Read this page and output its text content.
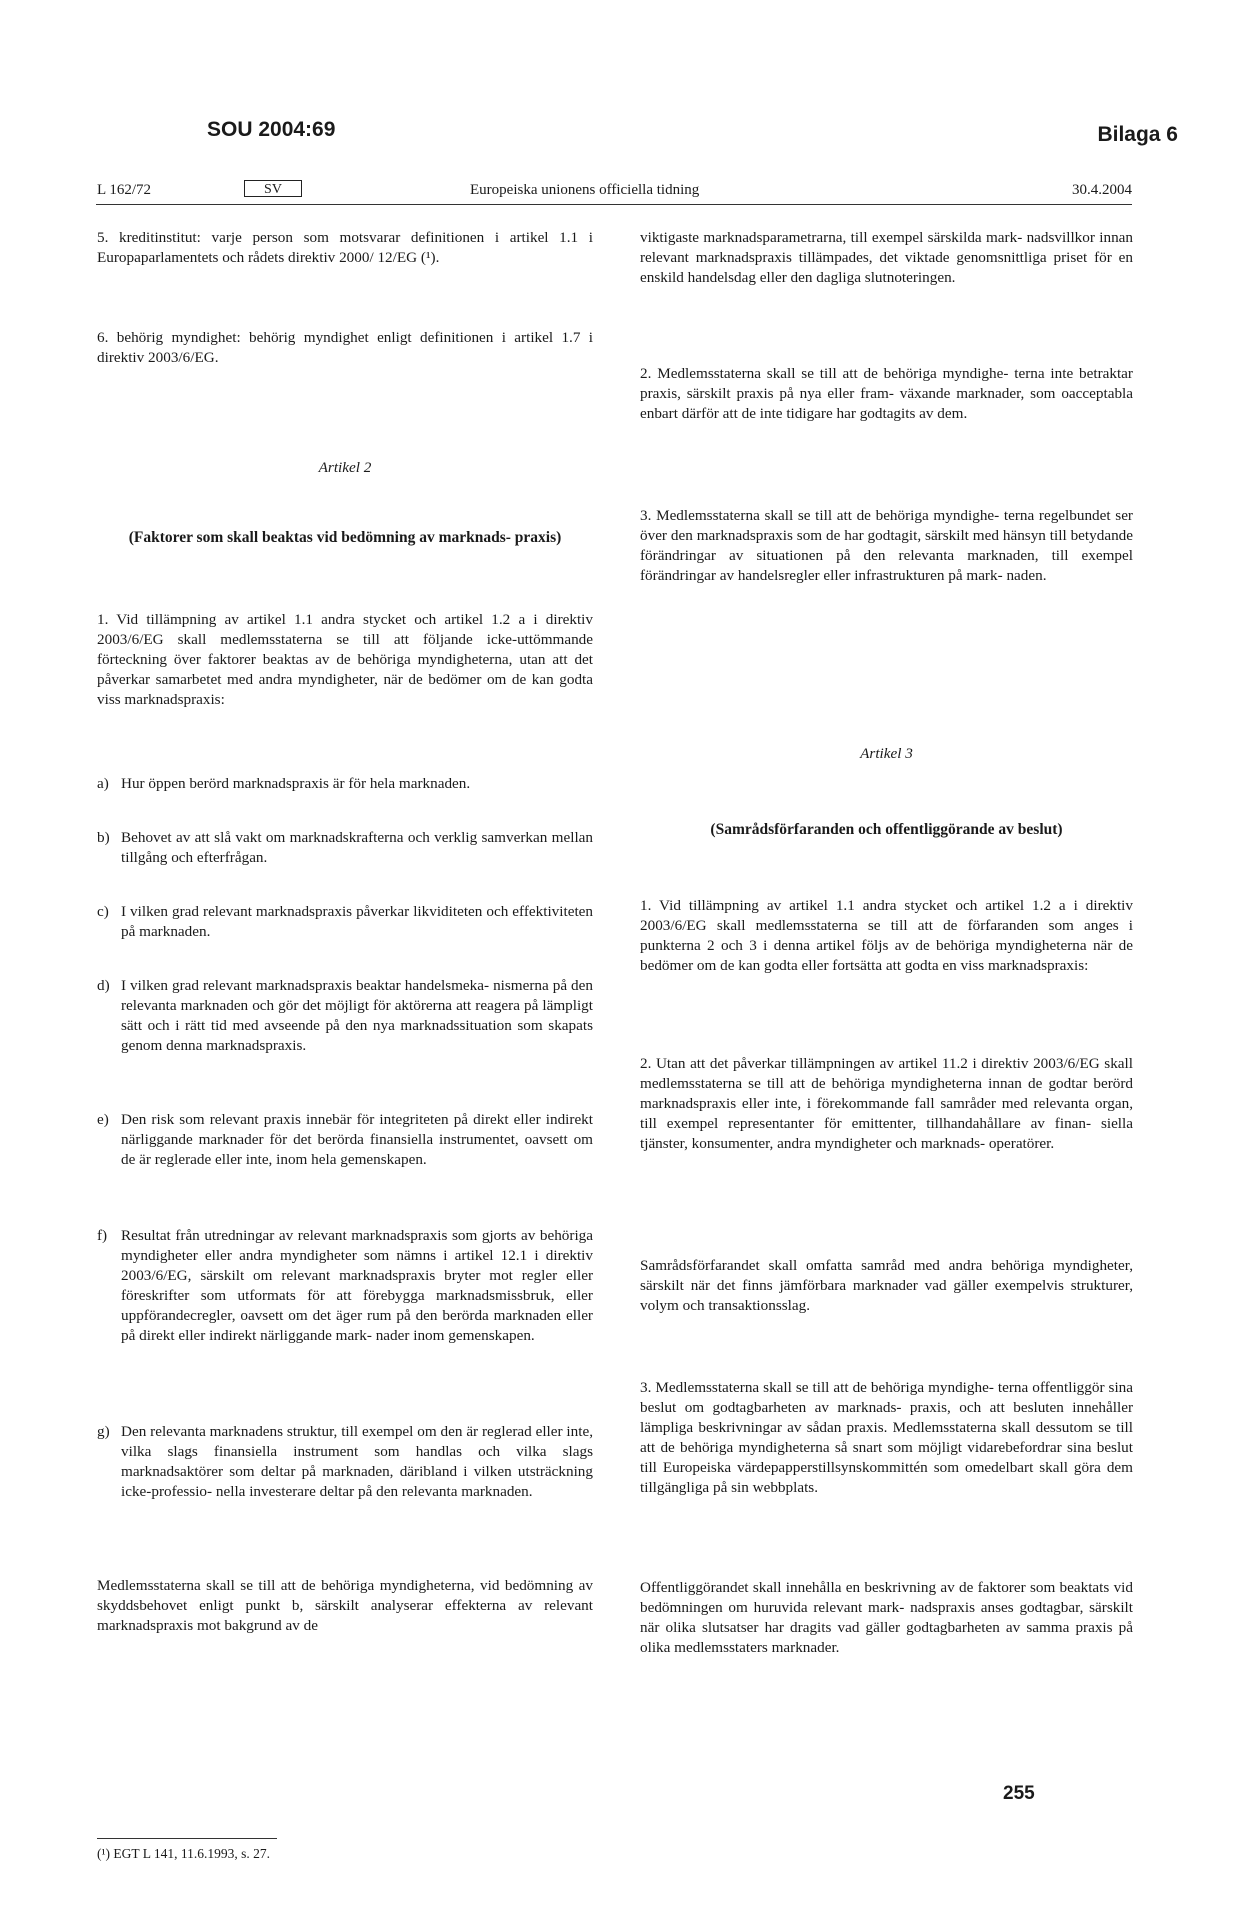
SOU 2004:69	Bilaga 6
L 162/72	SV	Europeiska unionens officiella tidning	30.4.2004

5. kreditinstitut: varje person som motsvarar definitionen i artikel 1.1 i Europaparlamentets och rådets direktiv 2000/ 12/EG (¹).

6. behörig myndighet: behörig myndighet enligt definitionen i artikel 1.7 i direktiv 2003/6/EG.

Artikel 2
(Faktorer som skall beaktas vid bedömning av marknads- praxis)

1. Vid tillämpning av artikel 1.1 andra stycket och artikel 1.2 a i direktiv 2003/6/EG skall medlemsstaterna se till att följande icke-uttömmande förteckning över faktorer beaktas av de behöriga myndigheterna, utan att det påverkar samarbetet med andra myndigheter, när de bedömer om de kan godta viss marknadspraxis:

a) Hur öppen berörd marknadspraxis är för hela marknaden.
b) Behovet av att slå vakt om marknadskrafterna och verklig samverkan mellan tillgång och efterfrågan.
c) I vilken grad relevant marknadspraxis påverkar likviditeten och effektiviteten på marknaden.
d) I vilken grad relevant marknadspraxis beaktar handelsmeka- nismerna på den relevanta marknaden och gör det möjligt för aktörerna att reagera på lämpligt sätt och i rätt tid med avseende på den nya marknadssituation som skapats genom denna marknadspraxis.
e) Den risk som relevant praxis innebär för integriteten på direkt eller indirekt närliggande marknader för det berörda finansiella instrumentet, oavsett om de är reglerade eller inte, inom hela gemenskapen.
f) Resultat från utredningar av relevant marknadspraxis som gjorts av behöriga myndigheter eller andra myndigheter som nämns i artikel 12.1 i direktiv 2003/6/EG, särskilt om relevant marknadspraxis bryter mot regler eller föreskrifter som utformats för att förebygga marknadsmissbruk, eller uppförandecregler, oavsett om det äger rum på den berörda marknaden eller på direkt eller indirekt närliggande mark- nader inom gemenskapen.
g) Den relevanta marknadens struktur, till exempel om den är reglerad eller inte, vilka slags finansiella instrument som handlas och vilka slags marknadsaktörer som deltar på marknaden, däribland i vilken utsträckning icke-professio- nella investerare deltar på den relevanta marknaden.

Medlemsstaterna skall se till att de behöriga myndigheterna, vid bedömning av skyddsbehovet enligt punkt b, särskilt analyserar effekterna av relevant marknadspraxis mot bakgrund av de

(¹) EGT L 141, 11.6.1993, s. 27.

viktigaste marknadsparametrarna, till exempel särskilda mark- nadsvillkor innan relevant marknadspraxis tillämpades, det viktade genomsnittliga priset för en enskild handelsdag eller den dagliga slutnoteringen.

2. Medlemsstaterna skall se till att de behöriga myndighe- terna inte betraktar praxis, särskilt praxis på nya eller fram- växande marknader, som oacceptabla enbart därför att de inte tidigare har godtagits av dem.

3. Medlemsstaterna skall se till att de behöriga myndighe- terna regelbundet ser över den marknadspraxis som de har godtagit, särskilt med hänsyn till betydande förändringar av situationen på den relevanta marknaden, till exempel förändringar av handelsregler eller infrastrukturen på mark- naden.

Artikel 3
(Samrådsförfaranden och offentliggörande av beslut)

1. Vid tillämpning av artikel 1.1 andra stycket och artikel 1.2 a i direktiv 2003/6/EG skall medlemsstaterna se till att de förfaranden som anges i punkterna 2 och 3 i denna artikel följs av de behöriga myndigheterna när de bedömer om de kan godta eller fortsätta att godta en viss marknadspraxis:

2. Utan att det påverkar tillämpningen av artikel 11.2 i direktiv 2003/6/EG skall medlemsstaterna se till att de behöriga myndigheterna innan de godtar berörd marknadspraxis eller inte, i förekommande fall samråder med relevanta organ, till exempel representanter för emittenter, tillhandahållare av finan- siella tjänster, konsumenter, andra myndigheter och marknads- operatörer.

Samrådsförfarandet skall omfatta samråd med andra behöriga myndigheter, särskilt när det finns jämförbara marknader vad gäller exempelvis strukturer, volym och transaktionsslag.

3. Medlemsstaterna skall se till att de behöriga myndighe- terna offentliggör sina beslut om godtagbarheten av marknads- praxis, och att besluten innehåller lämpliga beskrivningar av sådan praxis. Medlemsstaterna skall dessutom se till att de behöriga myndigheterna så snart som möjligt vidarebefordrar sina beslut till Europeiska värdepapperstillsynskommittén som omedelbart skall göra dem tillgängliga på sin webbplats.

Offentliggörandet skall innehålla en beskrivning av de faktorer som beaktats vid bedömningen om huruvida relevant mark- nadspraxis anses godtagbar, särskilt när olika slutsatser har dragits vad gäller godtagbarheten av samma praxis på olika medlemsstaters marknader.

255
